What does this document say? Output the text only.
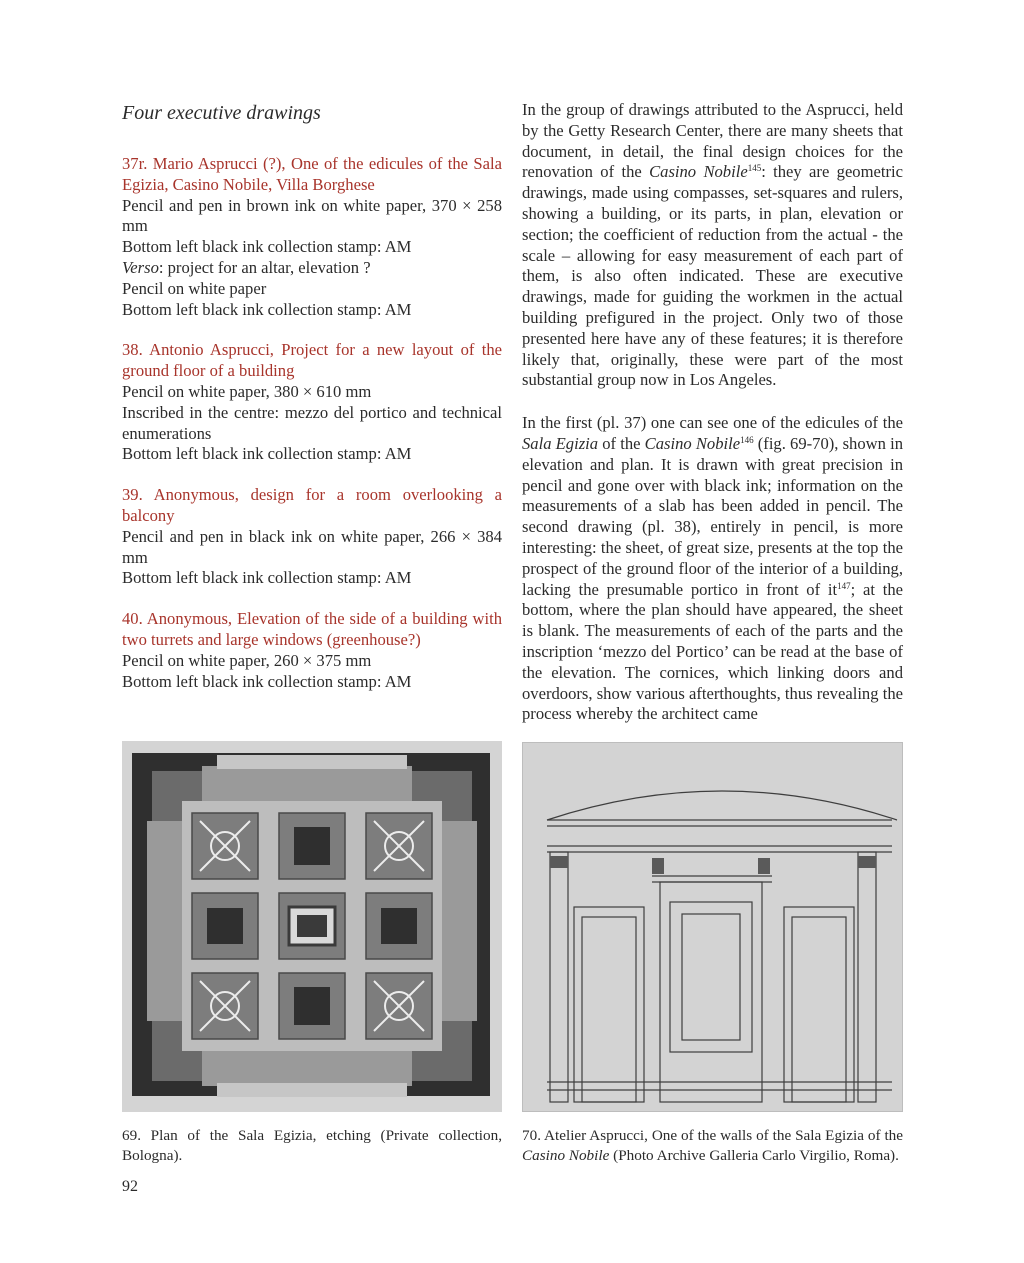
Four executive drawings
37r. Mario Asprucci (?), One of the edicules of the Sala Egizia, Casino Nobile, Villa Borghese
Pencil and pen in brown ink on white paper, 370 × 258 mm
Bottom left black ink collection stamp: AM
Verso: project for an altar, elevation ?
Pencil on white paper
Bottom left black ink collection stamp: AM
38. Antonio Asprucci, Project for a new layout of the ground floor of a building
Pencil on white paper, 380 × 610 mm
Inscribed in the centre: mezzo del portico and technical enumerations
Bottom left black ink collection stamp: AM
39. Anonymous, design for a room overlooking a balcony
Pencil and pen in black ink on white paper, 266 × 384 mm
Bottom left black ink collection stamp: AM
40. Anonymous, Elevation of the side of a building with two turrets and large windows (greenhouse?)
Pencil on white paper, 260 × 375 mm
Bottom left black ink collection stamp: AM

In the group of drawings attributed to the Asprucci, held by the Getty Research Center, there are many sheets that document, in detail, the final design choices for the renovation of the Casino Nobile$^{145}$: they are geometric drawings, made using compasses, set-squares and rulers, showing a building, or its parts, in plan, elevation or section; the coefficient of reduction from the actual - the scale – allowing for easy measurement of each part of them, is also often indicated. These are executive drawings, made for guiding the workmen in the actual building prefigured in the project. Only two of those presented here have any of these features; it is therefore likely that, originally, these were part of the most substantial group now in Los Angeles.

In the first (pl. 37) one can see one of the edicules of the Sala Egizia of the Casino Nobile$^{146}$ (fig. 69-70), shown in elevation and plan. It is drawn with great precision in pencil and gone over with black ink; information on the measurements of a slab has been added in pencil. The second drawing (pl. 38), entirely in pencil, is more interesting: the sheet, of great size, presents at the top the prospect of the ground floor of the interior of a building, lacking the presumable portico in front of $it^{147}$; at the bottom, where the plan should have appeared, the sheet is blank. The measurements of each of the parts and the inscription ‘mezzo del Portico’ can be read at the base of the elevation. The cornices, which linking doors and overdoors, show various afterthoughts, thus revealing the process whereby the architect came

69. Plan of the Sala Egizia, etching (Private collection, Bologna).
70. Atelier Asprucci, One of the walls of the Sala Egizia of the Casino Nobile (Photo Archive Galleria Carlo Virgilio, Roma).
92
